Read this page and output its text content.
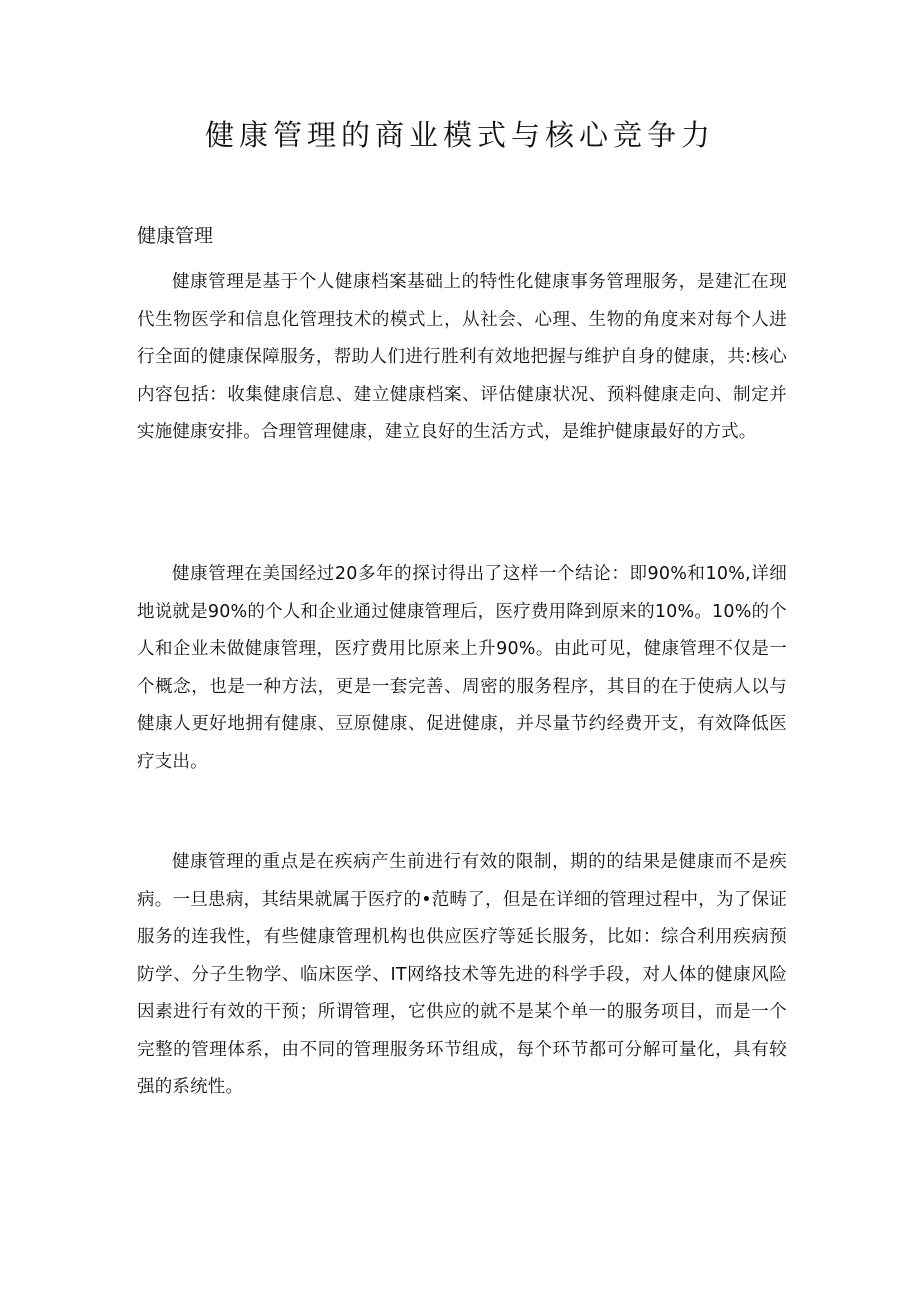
健康管理的商业模式与核心竞争力
健康管理

健康管理是基于个人健康档案基础上的特性化健康事务管理服务，是建汇在现代生物医学和信息化管理技术的模式上，从社会、心理、生物的角度来对每个人进行全面的健康保障服务，帮助人们进行胜利有效地把握与维护自身的健康，共:核心内容包括：收集健康信息、建立健康档案、评估健康状况、预料健康走向、制定并实施健康安排。合理管理健康，建立良好的生活方式，是维护健康最好的方式。

健康管理在美国经过20多年的探讨得出了这样一个结论：即90%和10%,详细地说就是90%的个人和企业通过健康管理后，医疗费用降到原来的10%。10%的个人和企业未做健康管理，医疗费用比原来上升90%。由此可见，健康管理不仅是一个概念，也是一种方法，更是一套完善、周密的服务程序，其目的在于使病人以与健康人更好地拥有健康、豆原健康、促进健康，并尽量节约经费开支，有效降低医疗支出。

健康管理的重点是在疾病产生前进行有效的限制，期的的结果是健康而不是疾病。一旦患病，其结果就属于医疗的•范畴了，但是在详细的管理过程中，为了保证服务的连我性，有些健康管理机构也供应医疗等延长服务，比如：综合利用疾病预防学、分子生物学、临床医学、IT网络技术等先进的科学手段，对人体的健康风险因素进行有效的干预；所谓管理，它供应的就不是某个单一的服务项目，而是一个完整的管理体系，由不同的管理服务环节组成，每个环节都可分解可量化，具有较强的系统性。
